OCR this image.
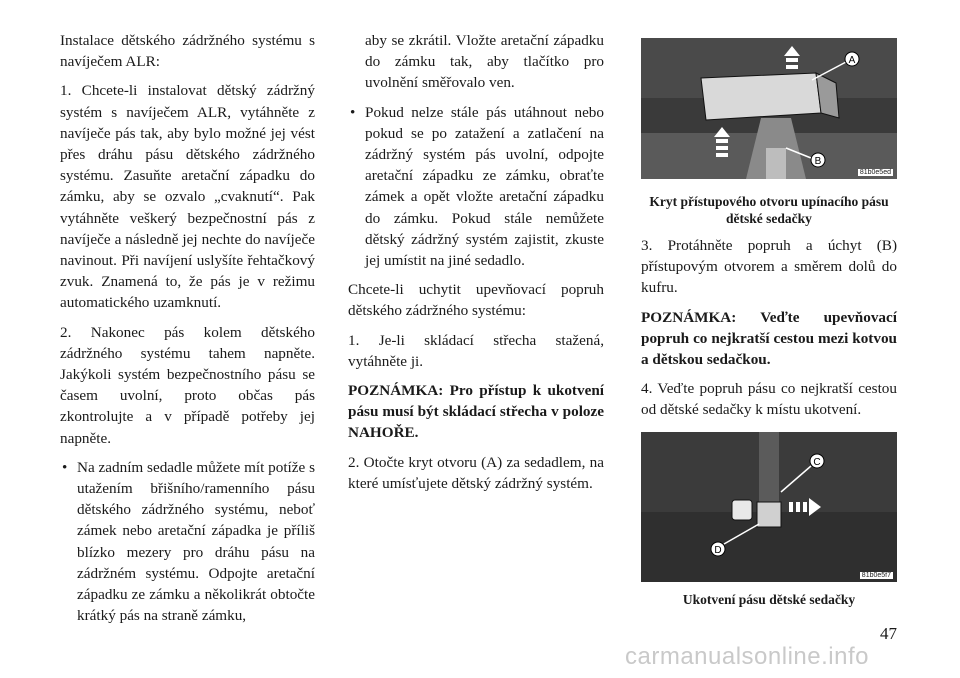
Instalace dětského zádržného systému s navíječem ALR:

1. Chcete-li instalovat dětský zádržný systém s navíječem ALR, vytáhněte z navíječe pás tak, aby bylo možné jej vést přes dráhu pásu dětského zádržného systému. Zasuňte aretační západku do zámku, aby se ozvalo „cvaknutí“. Pak vytáhněte veškerý bezpečnostní pás z navíječe a následně jej nechte do navíječe navinout. Při navíjení uslyšíte řehtačkový zvuk. Znamená to, že pás je v režimu automatického uzamknutí.

2. Nakonec pás kolem dětského zádržného systému tahem napněte. Jakýkoli systém bezpečnostního pásu se časem uvolní, proto občas pás zkontrolujte a v případě potřeby jej napněte.

• Na zadním sedadle můžete mít potíže s utažením břišního/ramenního pásu dětského zádržného systému, neboť zámek nebo aretační západka je příliš blízko mezery pro dráhu pásu na zádržném systému. Odpojte aretační západku ze zámku a několikrát obtočte krátký pás na straně zámku,

aby se zkrátil. Vložte aretační západku do zámku tak, aby tlačítko pro uvolnění směřovalo ven.

• Pokud nelze stále pás utáhnout nebo pokud se po zatažení a zatlačení na zádržný systém pás uvolní, odpojte aretační západku ze zámku, obraťte zámek a opět vložte aretační západku do zámku. Pokud stále nemůžete dětský zádržný systém zajistit, zkuste jej umístit na jiné sedadlo.

Chcete-li uchytit upevňovací popruh dětského zádržného systému:

1. Je-li skládací střecha stažená, vytáhněte ji.

POZNÁMKA: Pro přístup k ukotvení pásu musí být skládací střecha v poloze NAHOŘE.

2. Otočte kryt otvoru (A) za sedadlem, na které umísťujete dětský zádržný systém.

A
B
81b0e5ed
Kryt přístupového otvoru upínacího pásu dětské sedačky

3. Protáhněte popruh a úchyt (B) přístupovým otvorem a směrem dolů do kufru.

POZNÁMKA: Veďte upevňovací popruh co nejkratší cestou mezi kotvou a dětskou sedačkou.

4. Veďte popruh pásu co nejkratší cestou od dětské sedačky k místu ukotvení.

C
D
81b0e5f7
Ukotvení pásu dětské sedačky
47
carmanualsonline.info
